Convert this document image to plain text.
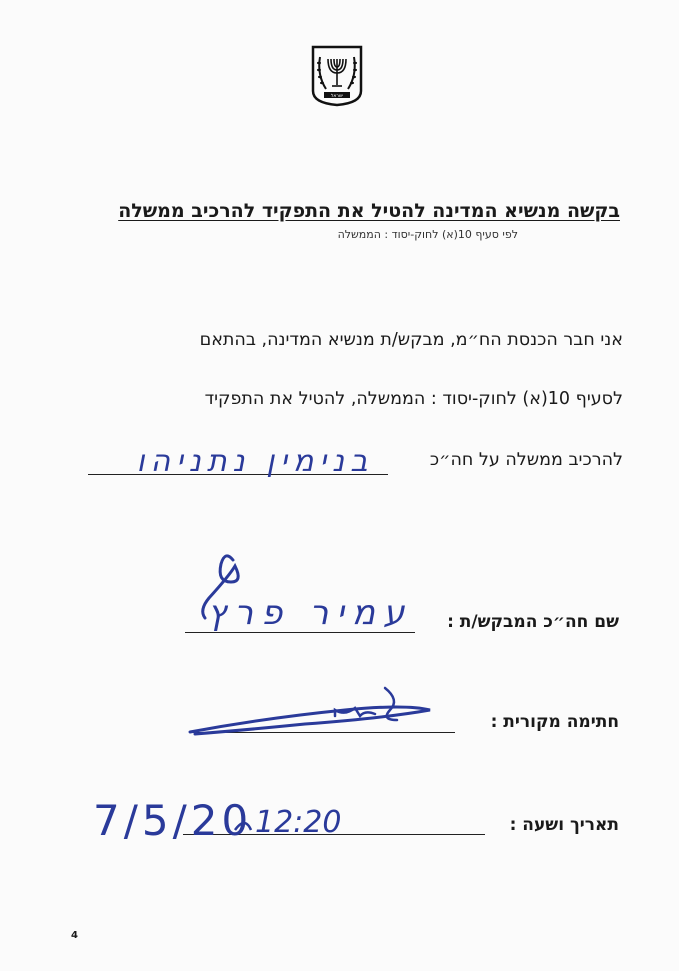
ישראל
בקשה מנשיא המדינה להטיל את התפקיד להרכיב ממשלה
לפי סעיף 10(א) לחוק-יסוד : הממשלה
אני חבר הכנסת הח״מ, מבקש/ת מנשיא המדינה, בהתאם
לסעיף 10(א) לחוק-יסוד : הממשלה, להטיל את התפקיד
להרכיב ממשלה על חה״כ
בנימין נתניהו
שם חה״כ המבקש/ת :
עמיר פרץ
חתימה מקורית :
תאריך ושעה :
7/5/20 12:20
4
